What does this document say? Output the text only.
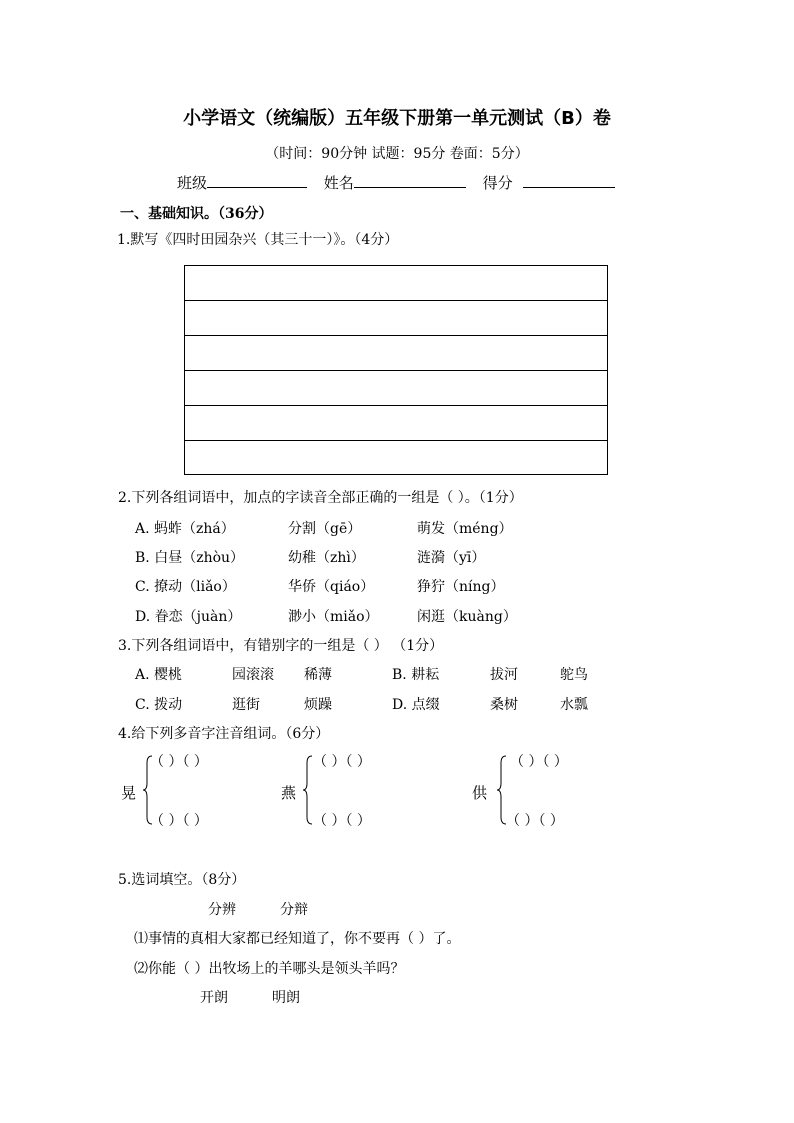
小学语文（统编版）五年级下册第一单元测试（B）卷
（时间：90分钟 试题：95分 卷面：5分）
班级	姓名	得分
一、基础知识。（36分）
1.默写《四时田园杂兴（其三十一）》。（4分）
2.下列各组词语中，加点的字读音全部正确的一组是（ ）。（1分）
A. 蚂蚱（zhá）	分割（gē）	萌发（méng）
B. 白昼（zhòu）	幼稚（zhì）	涟漪（yī）
C. 撩动（liǎo）	华侨（qiáo）	狰狞（níng）
D. 眷恋（juàn）	渺小（miǎo）	闲逛（kuàng）
3.下列各组词语中，有错别字的一组是（ ） （1分）
A. 樱桃	园滚滚 稀薄	B. 耕耘	拔河	鸵鸟
C. 拨动	逛街	烦躁	D. 点缀	桑树	水瓢
4.给下列多音字注音组词。（6分）
（ ）（ ）
晃
（ ）（ ）
（ ）（ ）
燕
（ ）（ ）
（ ）（ ）
供
（ ）（ ）
5.选词填空。（8分）
分辨	分辩
⑴事情的真相大家都已经知道了，你不要再（ ）了。
⑵你能（ ）出牧场上的羊哪头是领头羊吗？
开朗	明朗
